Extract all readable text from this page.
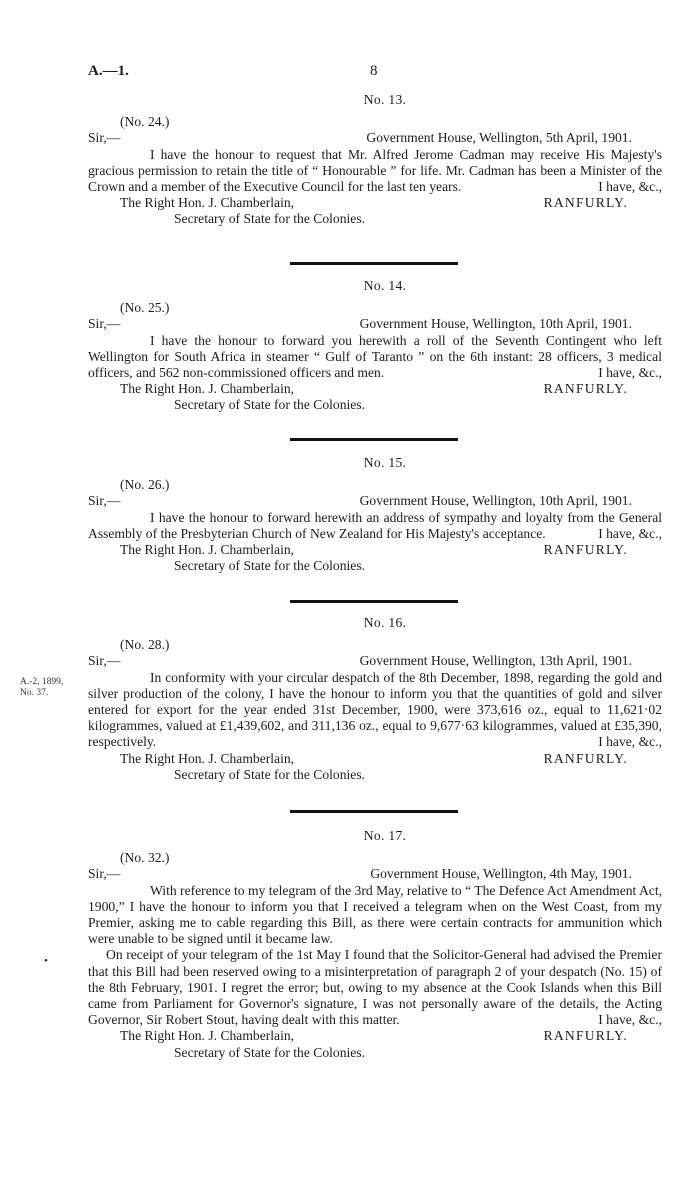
A.—1.	8
No. 13.
(No. 24.)
Sir,—	Government House, Wellington, 5th April, 1901.

I have the honour to request that Mr. Alfred Jerome Cadman may receive His Majesty's gracious permission to retain the title of “ Honourable ” for life. Mr. Cadman has been a Minister of the Crown and a member of the Executive Council for the last ten years.	I have, &c.,
The Right Hon. J. Chamberlain,	RANFURLY.
Secretary of State for the Colonies.
No. 14.
(No. 25.)
Sir,—	Government House, Wellington, 10th April, 1901.

I have the honour to forward you herewith a roll of the Seventh Contingent who left Wellington for South Africa in steamer “ Gulf of Taranto ” on the 6th instant: 28 officers, 3 medical officers, and 562 non-commissioned officers and men.	I have, &c.,
The Right Hon. J. Chamberlain,	RANFURLY.
Secretary of State for the Colonies.
No. 15.
(No. 26.)
Sir,—	Government House, Wellington, 10th April, 1901.

I have the honour to forward herewith an address of sympathy and loyalty from the General Assembly of the Presbyterian Church of New Zealand for His Majesty's acceptance.	I have, &c.,
The Right Hon. J. Chamberlain,	RANFURLY.
Secretary of State for the Colonies.
A.-2, 1899,
No. 37.
No. 16.
(No. 28.)
Sir,—	Government House, Wellington, 13th April, 1901.

In conformity with your circular despatch of the 8th December, 1898, regarding the gold and silver production of the colony, I have the honour to inform you that the quantities of gold and silver entered for export for the year ended 31st December, 1900, were 373,616 oz., equal to 11,621·02 kilogrammes, valued at £1,439,602, and 311,136 oz., equal to 9,677·63 kilogrammes, valued at £35,390, respectively.	I have, &c.,
The Right Hon. J. Chamberlain,	RANFURLY.
Secretary of State for the Colonies.
•
No. 17.
(No. 32.)
Sir,—	Government House, Wellington, 4th May, 1901.

With reference to my telegram of the 3rd May, relative to “ The Defence Act Amendment Act, 1900,” I have the honour to inform you that I received a telegram when on the West Coast, from my Premier, asking me to cable regarding this Bill, as there were certain contracts for ammunition which were unable to be signed until it became law.

On receipt of your telegram of the 1st May I found that the Solicitor-General had advised the Premier that this Bill had been reserved owing to a misinterpretation of paragraph 2 of your despatch (No. 15) of the 8th February, 1901. I regret the error; but, owing to my absence at the Cook Islands when this Bill came from Parliament for Governor's signature, I was not personally aware of the details, the Acting Governor, Sir Robert Stout, having dealt with this matter.	I have, &c.,
The Right Hon. J. Chamberlain,	RANFURLY.
Secretary of State for the Colonies.
